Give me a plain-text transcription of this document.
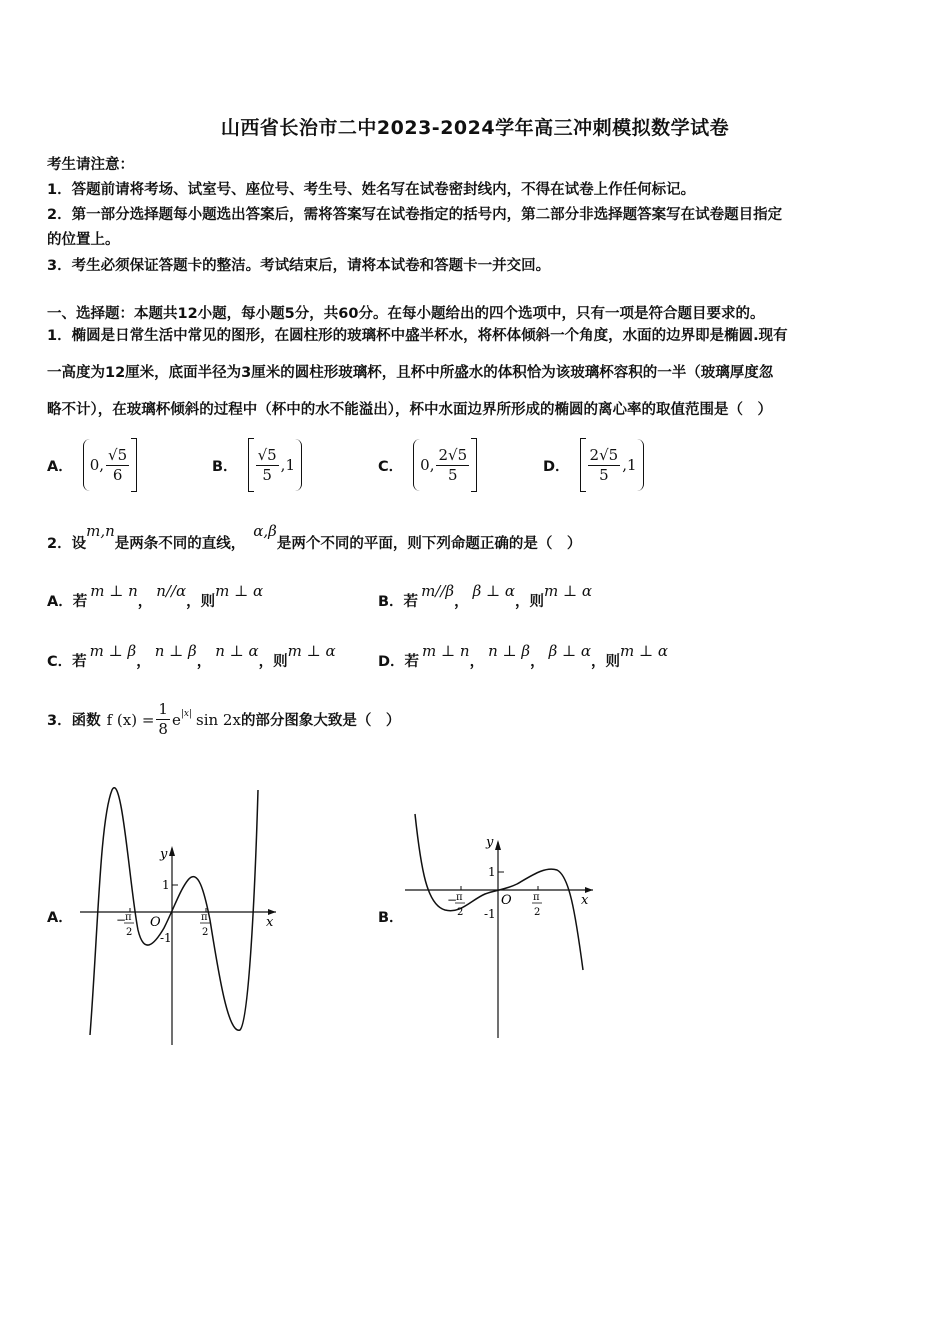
山西省长治市二中2023-2024学年高三冲刺模拟数学试卷
考生请注意：
1．答题前请将考场、试室号、座位号、考生号、姓名写在试卷密封线内，不得在试卷上作任何标记。
2．第一部分选择题每小题选出答案后，需将答案写在试卷指定的括号内，第二部分非选择题答案写在试卷题目指定
的位置上。
3．考生必须保证答题卡的整洁。考试结束后，请将本试卷和答题卡一并交回。
一、选择题：本题共12小题，每小题5分，共60分。在每小题给出的四个选项中，只有一项是符合题目要求的。
1．椭圆是日常生活中常见的图形，在圆柱形的玻璃杯中盛半杯水，将杯体倾斜一个角度，水面的边界即是椭圆.现有
一高度为12厘米，底面半径为3厘米的圆柱形玻璃杯，且杯中所盛水的体积恰为该玻璃杯容积的一半（玻璃厚度忽
略不计），在玻璃杯倾斜的过程中（杯中的水不能溢出），杯中水面边界所形成的椭圆的离心率的取值范围是（　）
A． 0, $\frac{√5}{6}$	B． $\frac{√5}{5} ,1$	C． 0, $\frac{2√5}{5}$	D． $\frac{2√5}{5} ,1$
2．设m,n是两条不同的直线，α,β是两个不同的平面，则下列命题正确的是（　）
A．若m ⊥ n，n//α，则m ⊥ α
B．若m//β，β ⊥ α，则m ⊥ α
C．若m ⊥ β，n ⊥ β，n ⊥ α，则m ⊥ α
D．若m ⊥ n，n ⊥ β，β ⊥ α，则m ⊥ α
3．函数 f $(x) = \frac{1}{8} e^{|x|}$ sin 2x 的部分图象大致是（　）
A．	B．
y
x
1
O
-1
−
π
2
π
2
y
x
1
O
-1
−
π
2
π
2
